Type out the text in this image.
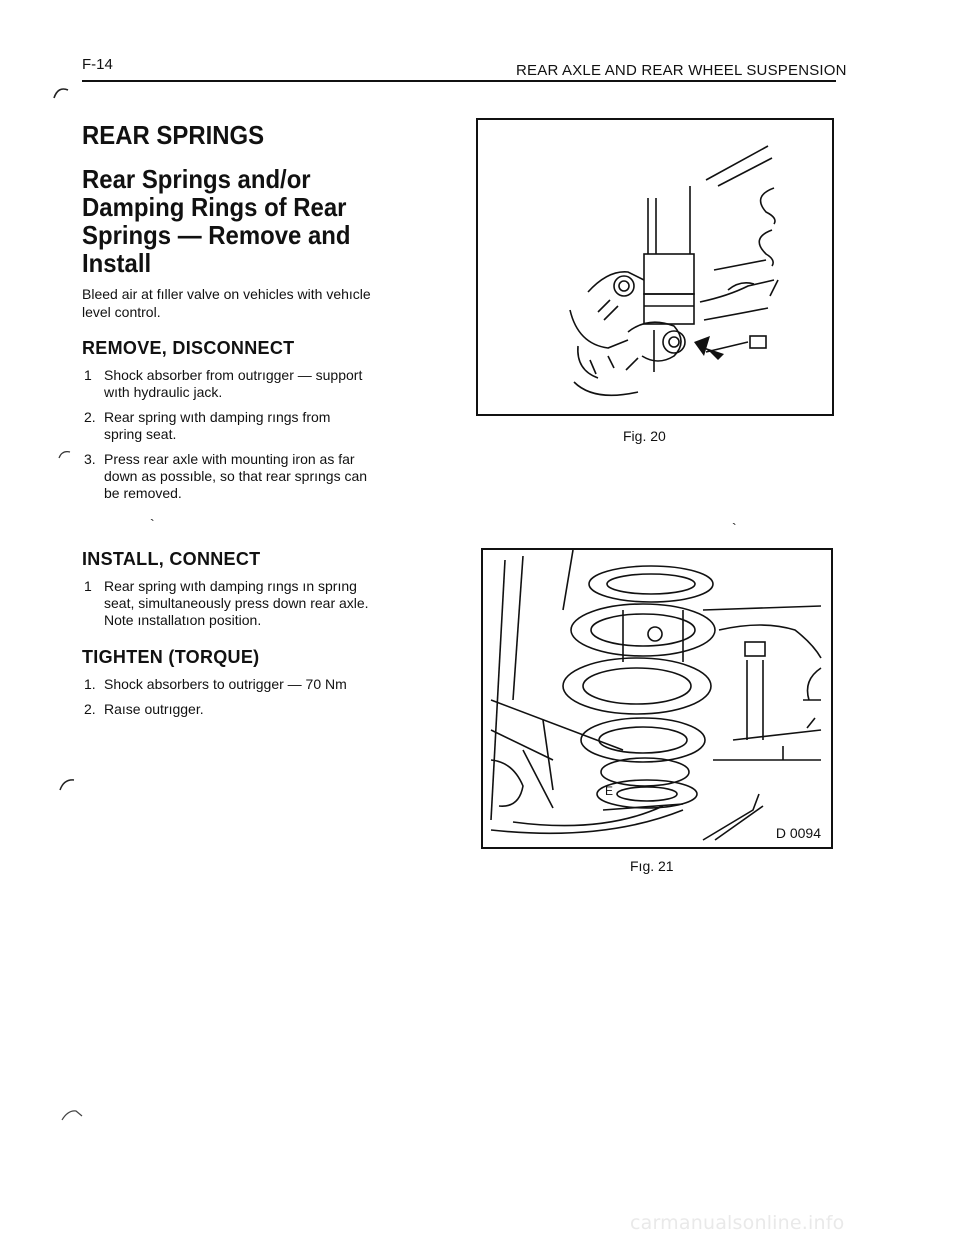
F-14	REAR AXLE AND REAR WHEEL SUSPENSION
REAR SPRINGS
Rear Springs and/or
Damping Rings of Rear
Springs — Remove and
Install
Bleed air at fıller valve on vehicles with vehıcle
level control.
REMOVE, DISCONNECT
1 Shock absorber from outrıgger — support
wıth hydraulic jack.
2. Rear spring wıth damping rıngs from
spring seat.
3. Press rear axle with mounting iron as far
down as possıble, so that rear sprıngs can
be removed.
INSTALL, CONNECT
1 Rear spring wıth damping rıngs ın sprıng
seat, simultaneously press down rear axle.
Note ınstallatıon position.
TIGHTEN (TORQUE)
1. Shock absorbers to outrigger — 70 Nm
2. Raıse outrıgger.
`	`
Fig. 20
E
D 0094
Fıg. 21
carmanualsonline.info
